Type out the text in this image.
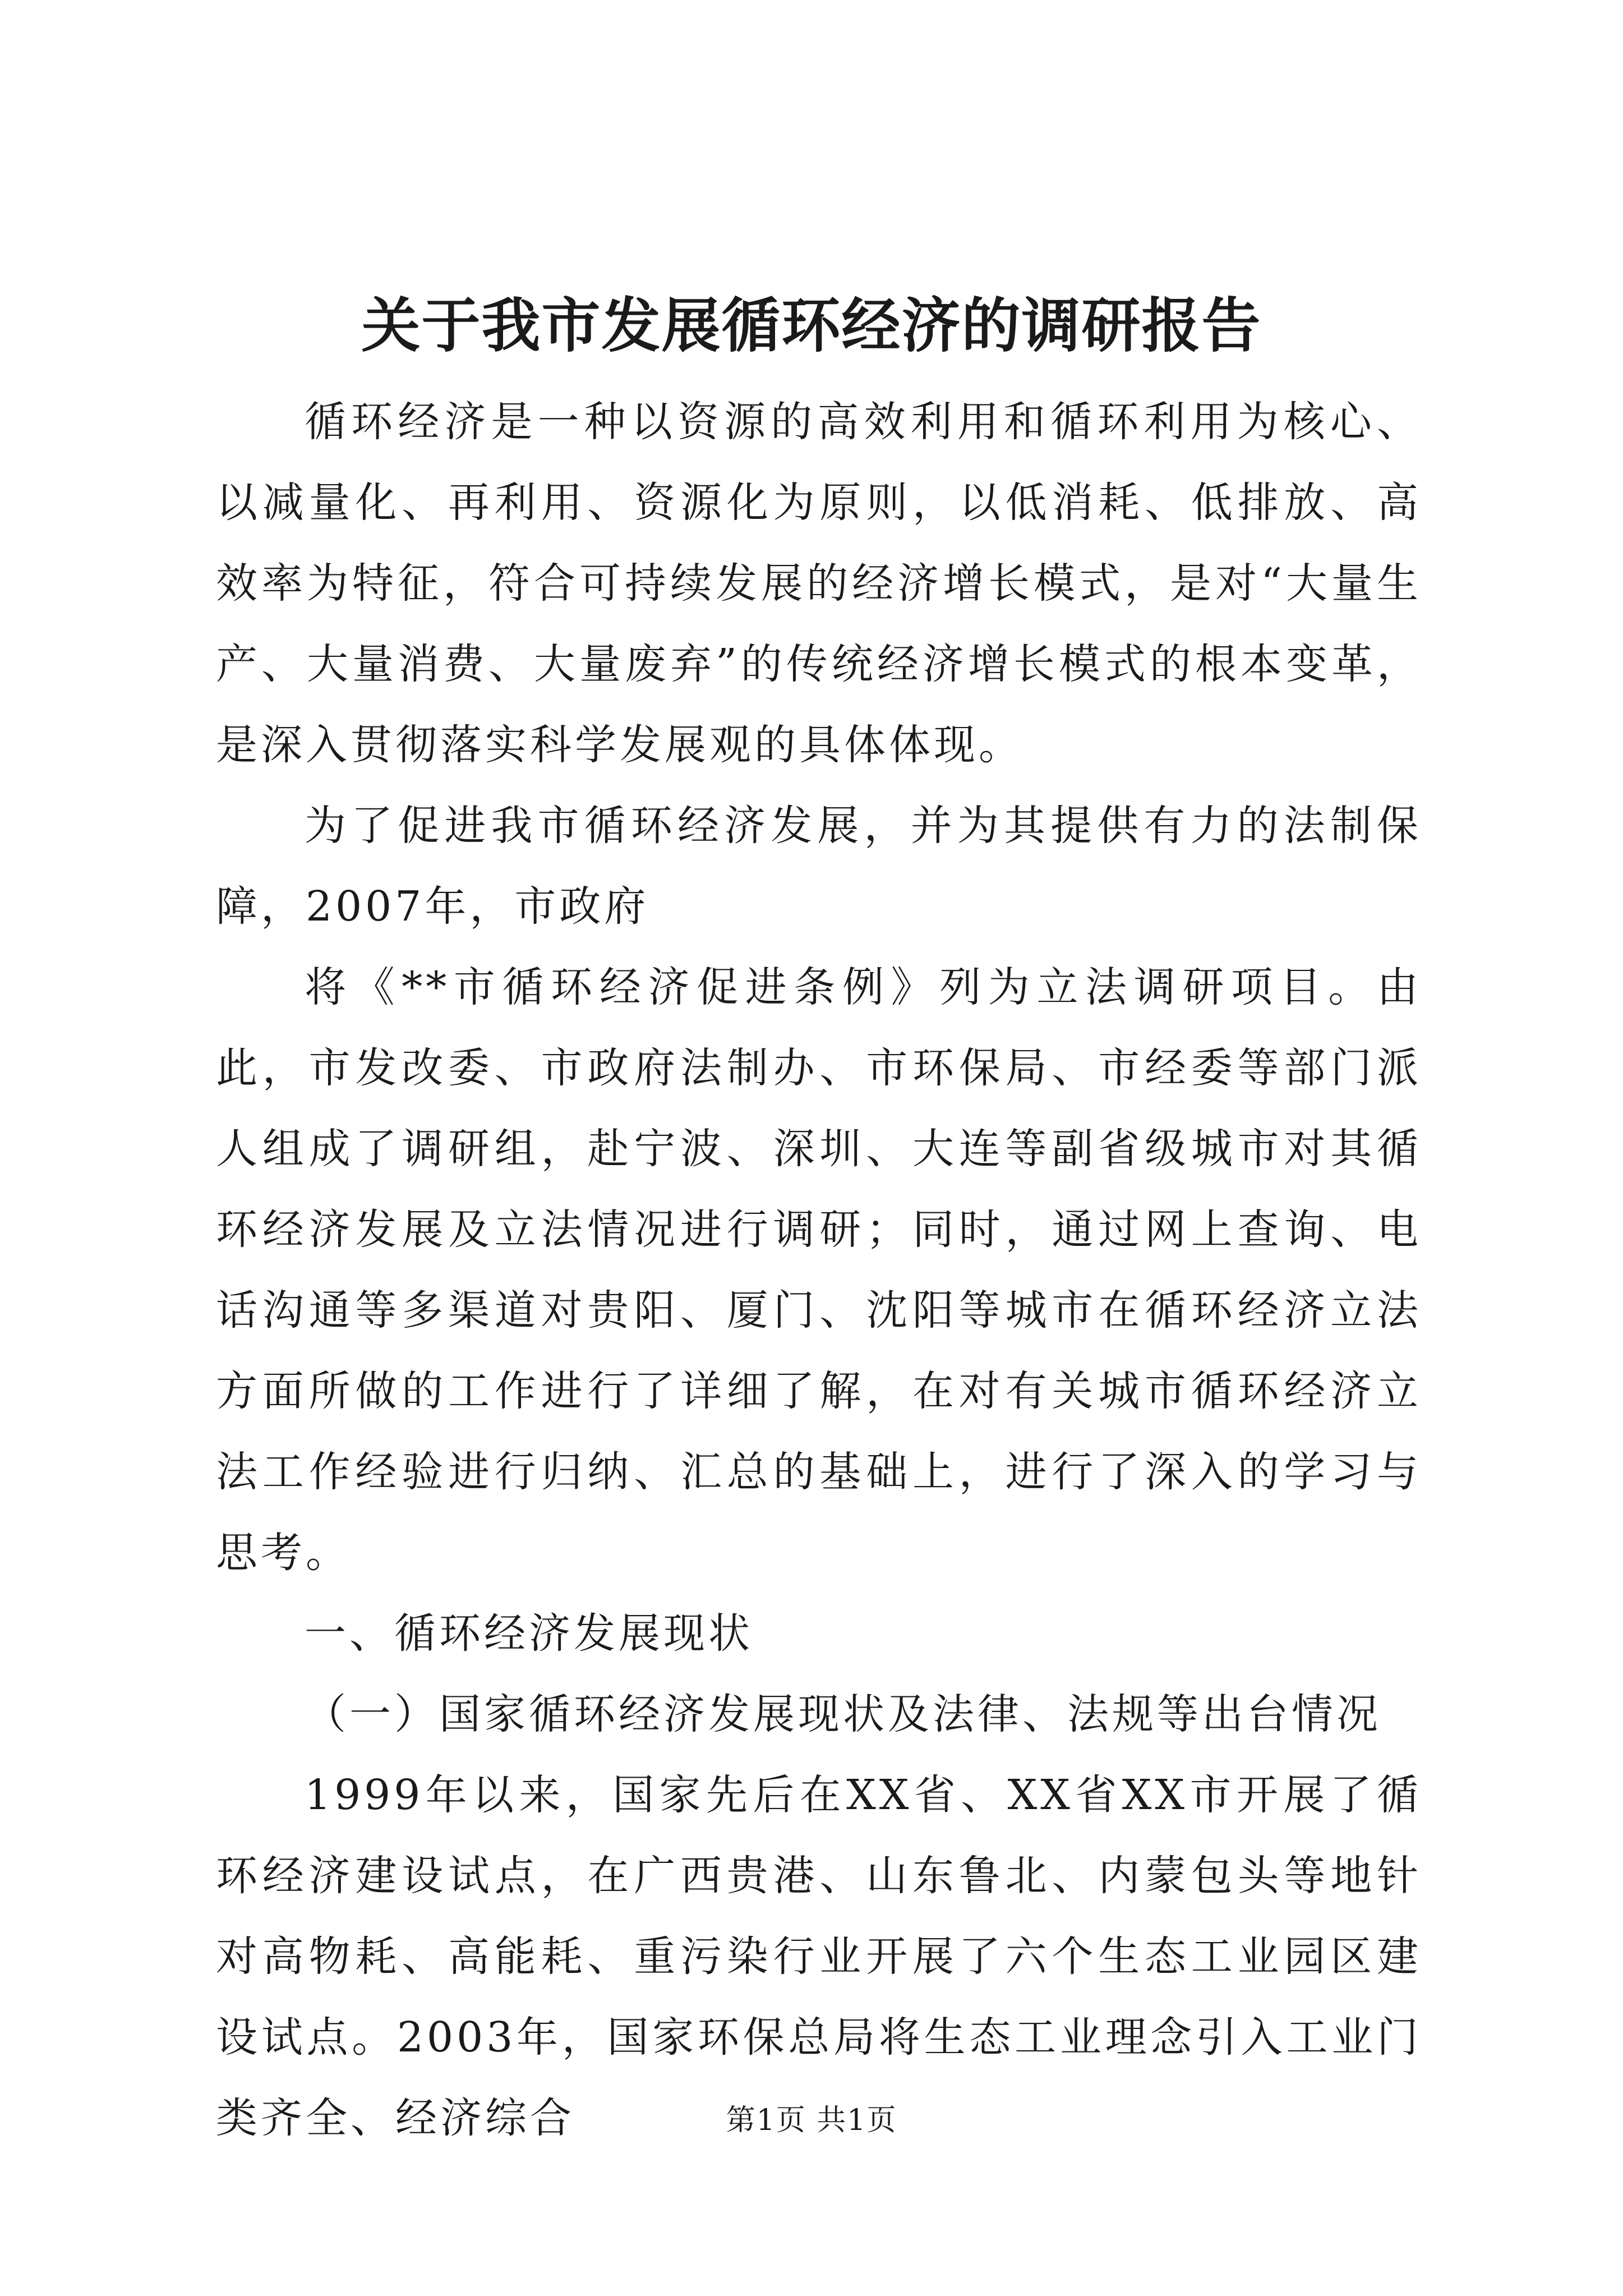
关于我市发展循环经济的调研报告

循环经济是一种以资源的高效利用和循环利用为核心、以减量化、再利用、资源化为原则，以低消耗、低排放、高效率为特征，符合可持续发展的经济增长模式，是对“大量生产、大量消费、大量废弃”的传统经济增长模式的根本变革，是深入贯彻落实科学发展观的具体体现。

为了促进我市循环经济发展，并为其提供有力的法制保障，2007年，市政府

将《**市循环经济促进条例》列为立法调研项目。由此，市发改委、市政府法制办、市环保局、市经委等部门派人组成了调研组，赴宁波、深圳、大连等副省级城市对其循环经济发展及立法情况进行调研；同时，通过网上查询、电话沟通等多渠道对贵阳、厦门、沈阳等城市在循环经济立法方面所做的工作进行了详细了解，在对有关城市循环经济立法工作经验进行归纳、汇总的基础上，进行了深入的学习与思考。

一、循环经济发展现状

（一）国家循环经济发展现状及法律、法规等出台情况

1999年以来，国家先后在XX省、XX省XX市开展了循环经济建设试点，在广西贵港、山东鲁北、内蒙包头等地针对高物耗、高能耗、重污染行业开展了六个生态工业园区建设试点。2003年，国家环保总局将生态工业理念引入工业门类齐全、经济综合	第1页 共1页
